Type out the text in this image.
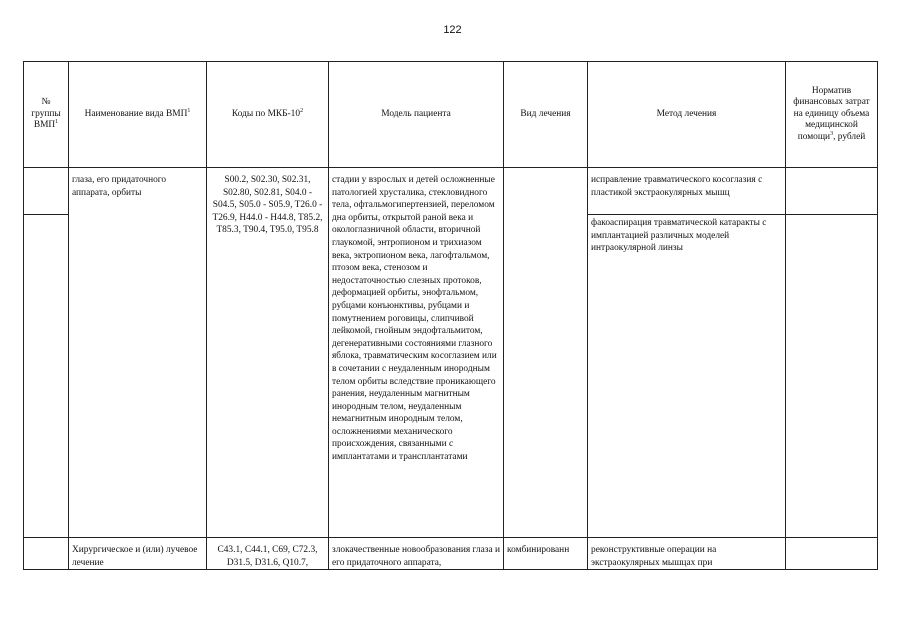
122
№ группы ВМП$^1$	Наименование вида ВМП$^1$	Коды по МКБ-$10^2$	Модель пациента	Вид лечения	Метод лечения	Норматив финансовых затрат на единицу объема медицинской помощи$^3$, рублей
	глаза, его придаточного аппарата, орбиты	S00.2, S02.30, S02.31, S02.80, S02.81, S04.0 - S04.5, S05.0 - S05.9, T26.0 - T26.9, H44.0 - H44.8, T85.2, T85.3, T90.4, T95.0, T95.8	стадии у взрослых и детей осложненные патологией хрусталика, стекловидного тела, офтальмогипертензией, переломом дна орбиты, открытой раной века и окологлазничной области, вторичной глаукомой, энтропионом и трихиазом века, эктропионом века, лагофтальмом, птозом века, стенозом и недостаточностью слезных протоков, деформацией орбиты, энофтальмом, рубцами конъюнктивы, рубцами и помутнением роговицы, слипчивой лейкомой, гнойным эндофтальмитом, дегенеративными состояниями глазного яблока, травматическим косоглазием или в сочетании с неудаленным инородным телом орбиты вследствие проникающего ранения, неудаленным магнитным инородным телом, неудаленным немагнитным инородным телом, осложнениями механического происхождения, связанными с имплантатами и трансплантатами		исправление травматического косоглазия с пластикой экстраокулярных мышц	
					факоаспирация травматической катаракты с имплантацией различных моделей интраокулярной линзы	
	Хирургическое и (или) лучевое лечение	C43.1, C44.1, C69, C72.3, D31.5, D31.6, Q10.7,	злокачественные новообразования глаза и его придаточного аппарата,	комбинированн	реконструктивные операции на экстраокулярных мышцах при	
